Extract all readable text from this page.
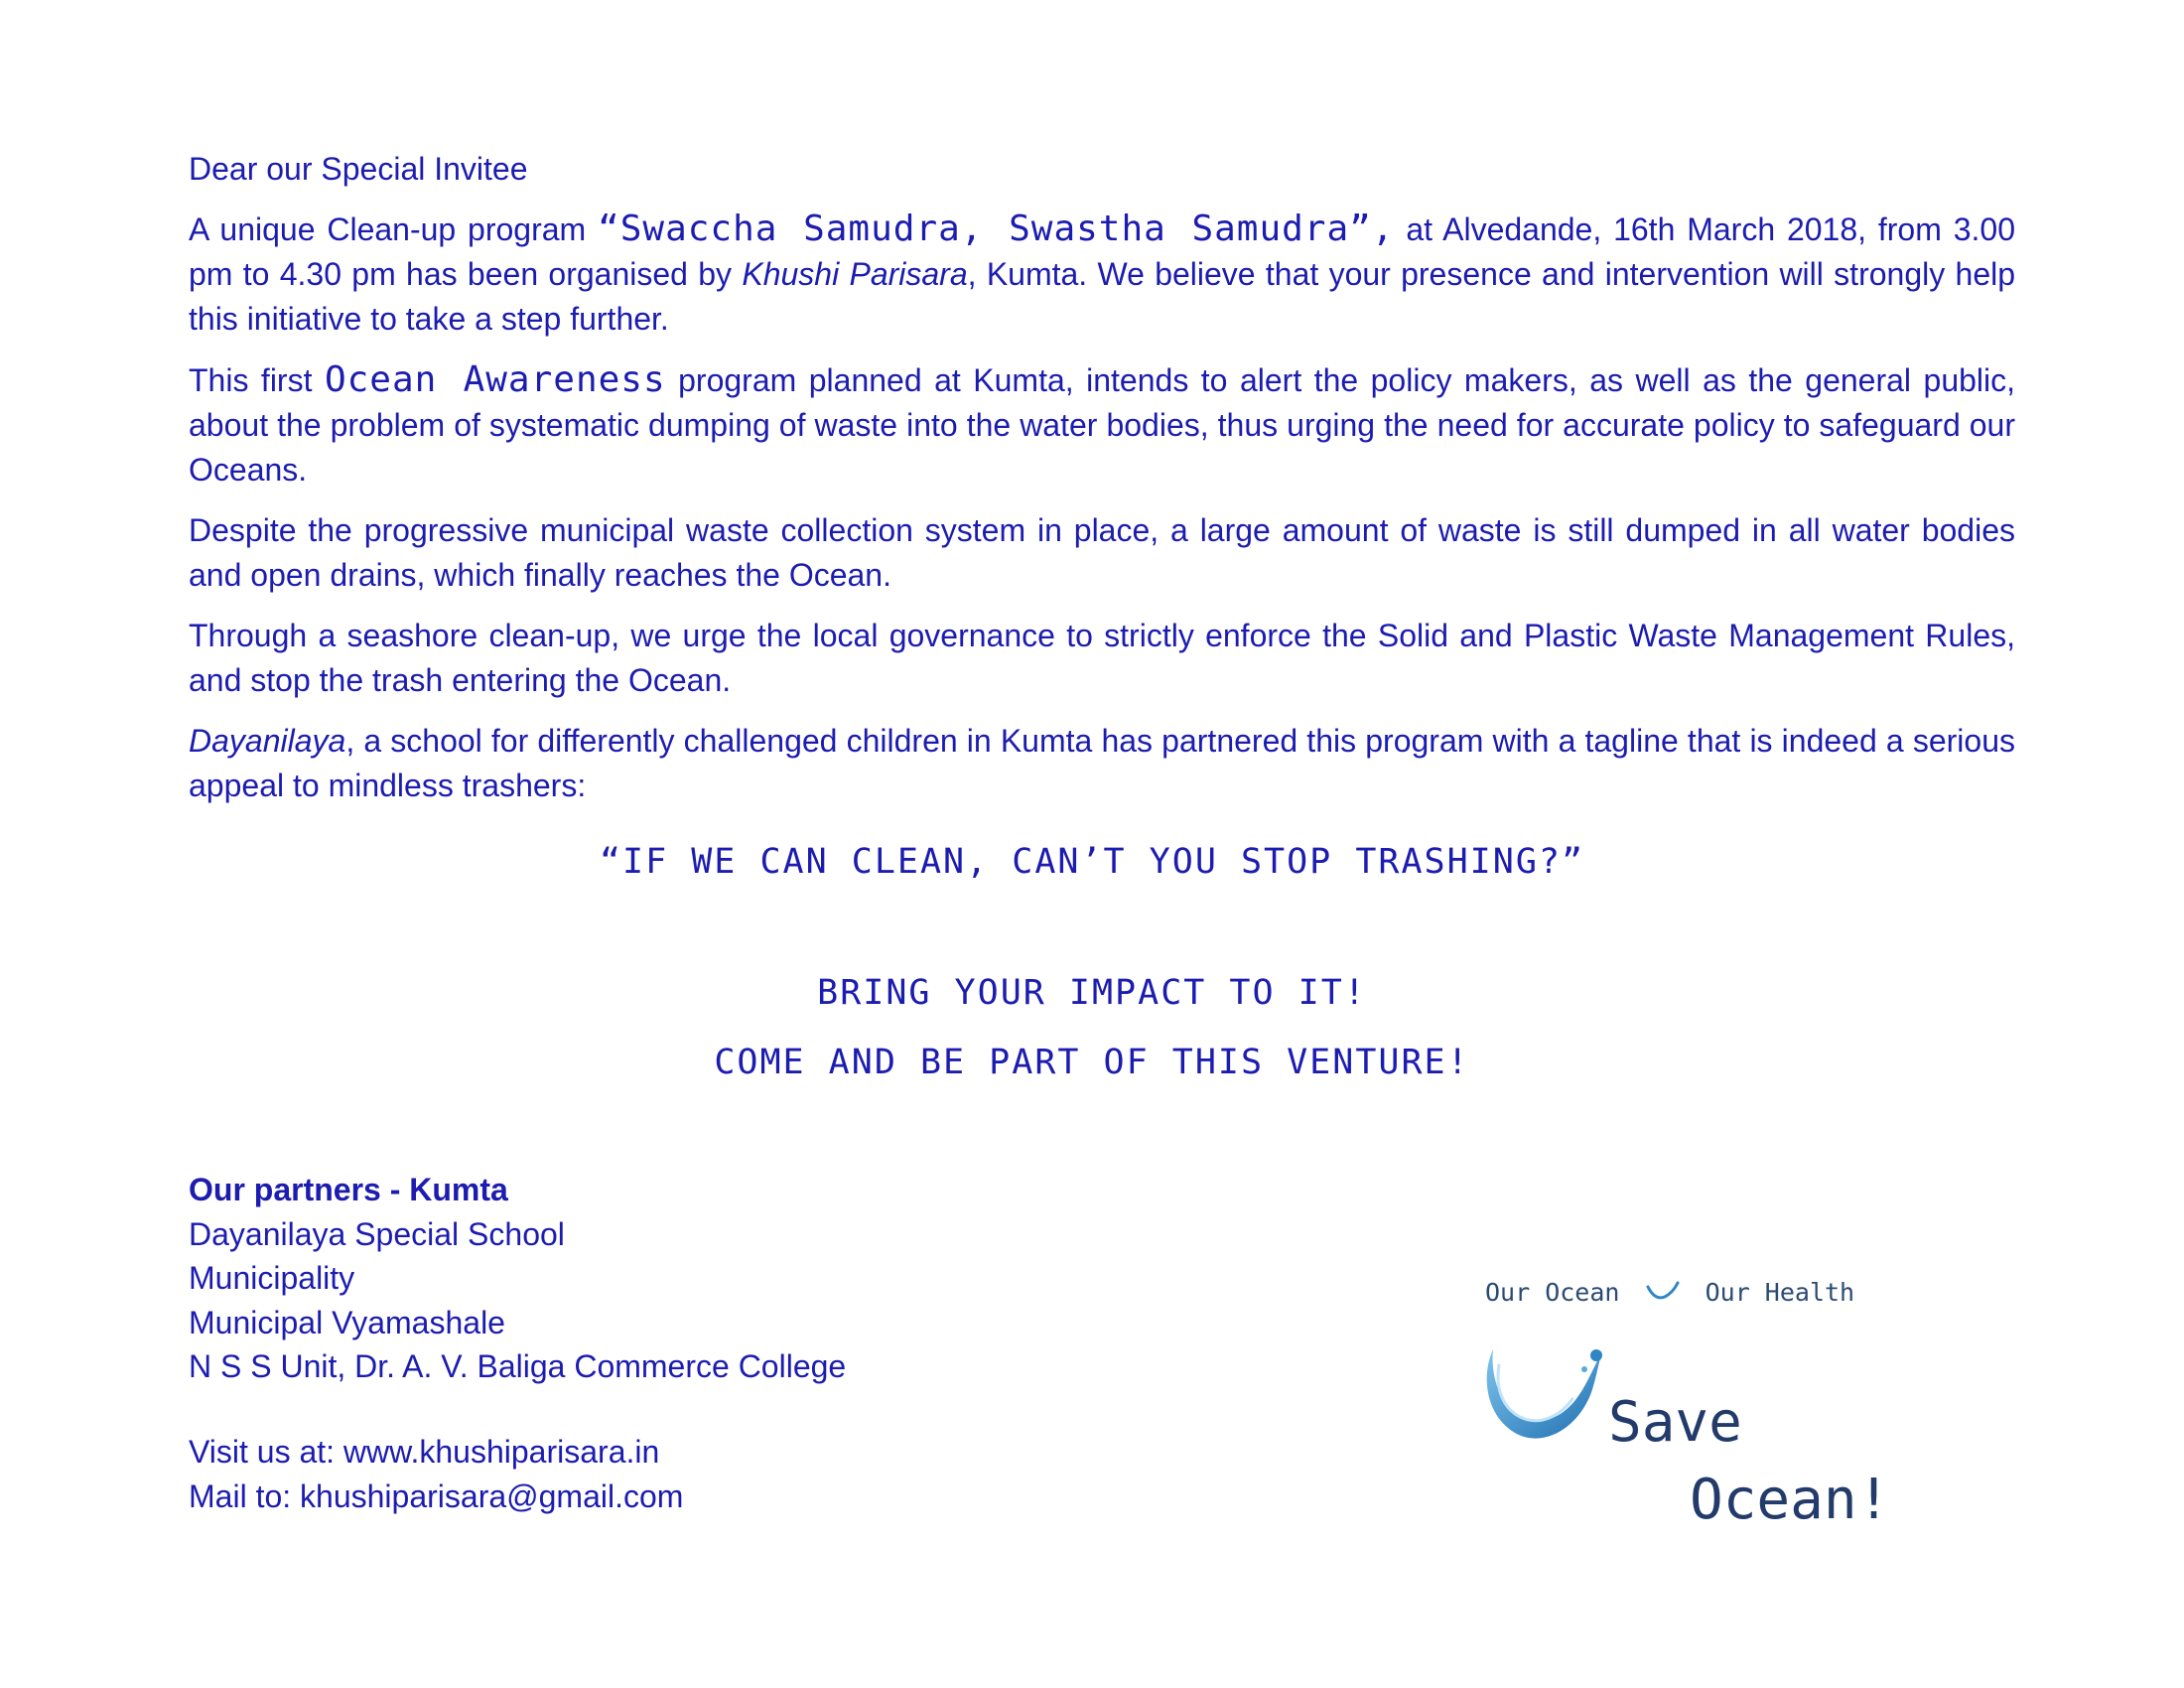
Dear our Special Invitee

A unique Clean-up program “Swaccha Samudra, Swastha Samudra”, at Alvedande, 16th March 2018, from 3.00 pm to 4.30 pm has been organised by Khushi Parisara, Kumta. We believe that your presence and intervention will strongly help this initiative to take a step further.

This first Ocean Awareness program planned at Kumta, intends to alert the policy makers, as well as the general public, about the problem of systematic dumping of waste into the water bodies, thus urging the need for accurate policy to safeguard our Oceans.

Despite the progressive municipal waste collection system in place, a large amount of waste is still dumped in all water bodies and open drains, which finally reaches the Ocean.

Through a seashore clean-up, we urge the local governance to strictly enforce the Solid and Plastic Waste Management Rules, and stop the trash entering the Ocean.

Dayanilaya, a school for differently challenged children in Kumta has partnered this program with a tagline that is indeed a serious appeal to mindless trashers:

“IF WE CAN CLEAN, CAN’T YOU STOP TRASHING?”
BRING YOUR IMPACT TO IT!
COME AND BE PART OF THIS VENTURE!
Our partners - Kumta
Dayanilaya Special School
Municipality
Municipal Vyamashale
N S S Unit, Dr. A. V. Baliga Commerce College
Visit us at: www.khushiparisara.in
Mail to: khushiparisara@gmail.com
Our Ocean	Our Health
Save
Ocean!
